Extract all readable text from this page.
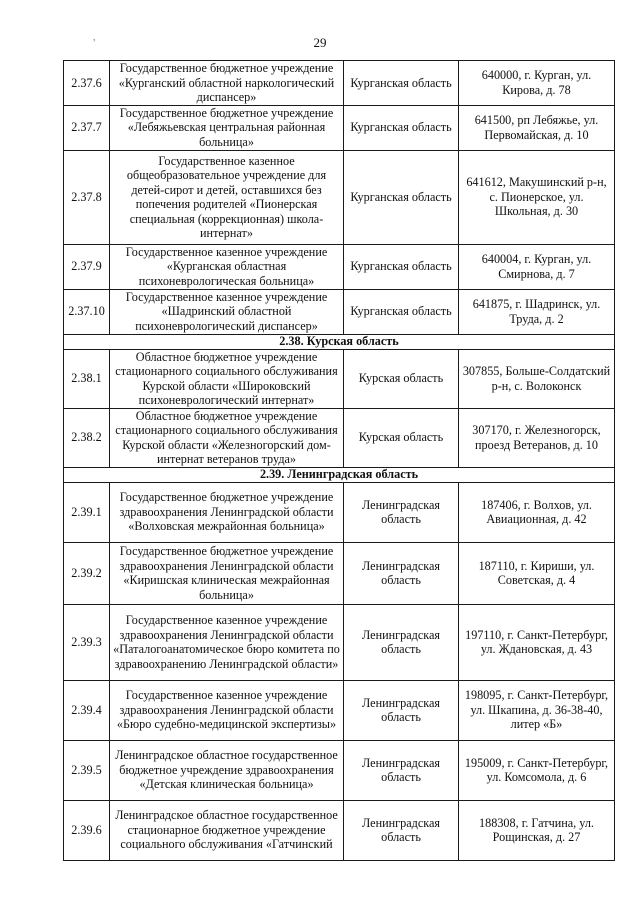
29
,
2.37.6	Государственное бюджетное учреждение «Курганский областной наркологический диспансер»	Курганская область	640000, г. Курган, ул. Кирова, д. 78
2.37.7	Государственное бюджетное учреждение «Лебяжьевская центральная районная больница»	Курганская область	641500, рп Лебяжье, ул. Первомайская, д. 10
2.37.8	Государственное казенное общеобразовательное учреждение для детей-сирот и детей, оставшихся без попечения родителей «Пионерская специальная (коррекционная) школа-интернат»	Курганская область	641612, Макушинский р-н, с. Пионерское, ул. Школьная, д. 30
2.37.9	Государственное казенное учреждение «Курганская областная психоневрологическая больница»	Курганская область	640004, г. Курган, ул. Смирнова, д. 7
2.37.10	Государственное казенное учреждение «Шадринский областной психоневрологический диспансер»	Курганская область	641875, г. Шадринск, ул. Труда, д. 2
2.38. Курская область			
2.38.1	Областное бюджетное учреждение стационарного социального обслуживания Курской области «Широковский психоневрологический интернат»	Курская область	307855, Больше-Солдатский р-н, с. Волоконск
2.38.2	Областное бюджетное учреждение стационарного социального обслуживания Курской области «Железногорский дом-интернат ветеранов труда»	Курская область	307170, г. Железногорск, проезд Ветеранов, д. 10
2.39. Ленинградская область			
2.39.1	Государственное бюджетное учреждение здравоохранения Ленинградской области «Волховская межрайонная больница»	Ленинградская область	187406, г. Волхов, ул. Авиационная, д. 42
2.39.2	Государственное бюджетное учреждение здравоохранения Ленинградской области «Киришская клиническая межрайонная больница»	Ленинградская область	187110, г. Кириши, ул. Советская, д. 4
2.39.3	Государственное казенное учреждение здравоохранения Ленинградской области «Паталогоанатомическое бюро комитета по здравоохранению Ленинградской области»	Ленинградская область	197110, г. Санкт-Петербург, ул. Ждановская, д. 43
2.39.4	Государственное казенное учреждение здравоохранения Ленинградской области «Бюро судебно-медицинской экспертизы»	Ленинградская область	198095, г. Санкт-Петербург, ул. Шкапина, д. 36-38-40, литер «Б»
2.39.5	Ленинградское областное государственное бюджетное учреждение здравоохранения «Детская клиническая больница»	Ленинградская область	195009, г. Санкт-Петербург, ул. Комсомола, д. 6
2.39.6	Ленинградское областное государственное стационарное бюджетное учреждение социального обслуживания «Гатчинский	Ленинградская область	188308, г. Гатчина, ул. Рощинская, д. 27
